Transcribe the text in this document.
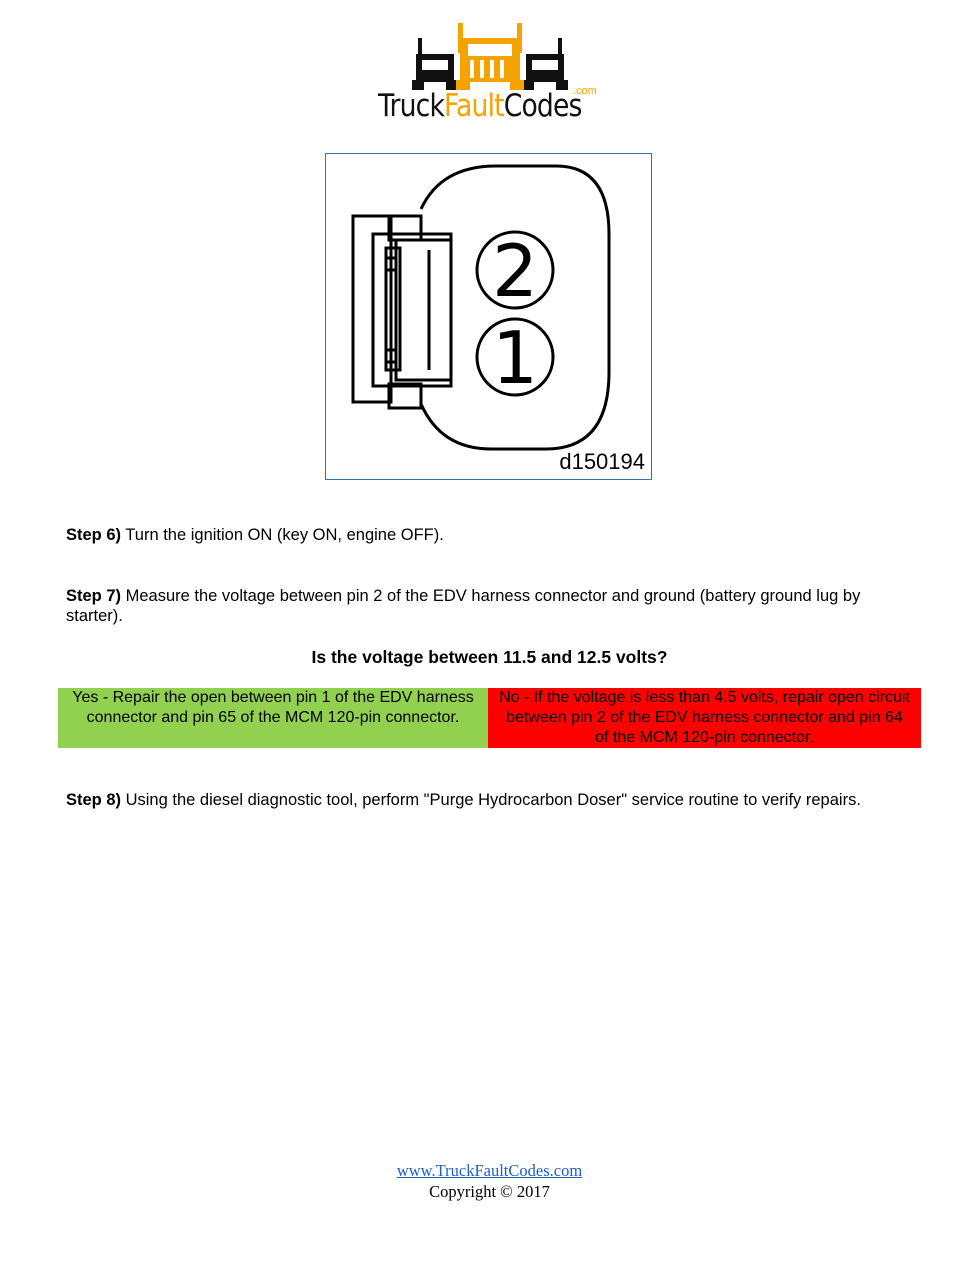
TruckFaultCodes
.com
2
1
d150194
Step 6) Turn the ignition ON (key ON, engine OFF).
Step 7) Measure the voltage between pin 2 of the EDV harness connector and ground (battery ground lug by starter).
Is the voltage between 11.5 and 12.5 volts?
Yes - Repair the open between pin 1 of the EDV harness connector and pin 65 of the MCM 120-pin connector.
No - If the voltage is less than 4.5 volts, repair open circuit between pin 2 of the EDV harness connector and pin 64 of the MCM 120-pin connector.
Step 8) Using the diesel diagnostic tool, perform "Purge Hydrocarbon Doser" service routine to verify repairs.
www.TruckFaultCodes.com
Copyright © 2017
